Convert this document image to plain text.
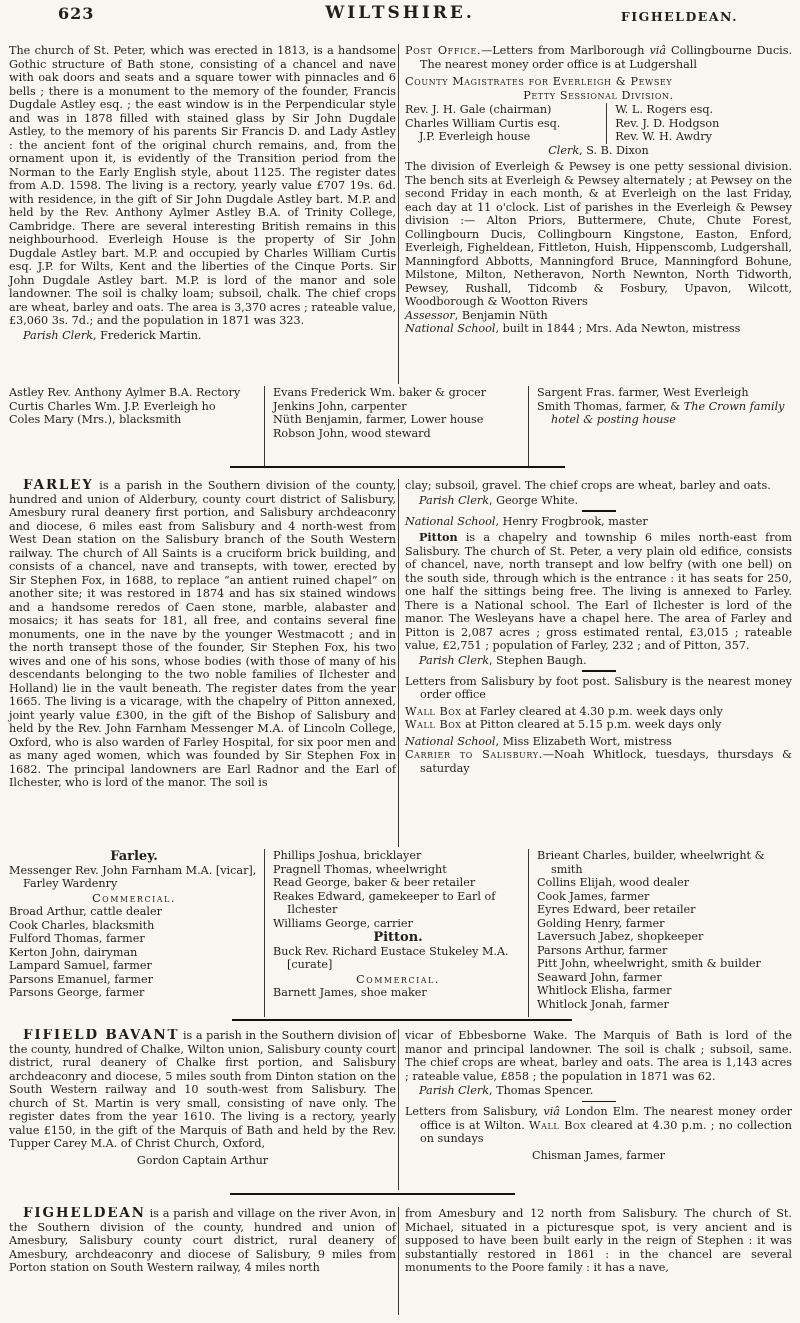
623	WILTSHIRE.	FIGHELDEAN.

The church of St. Peter, which was erected in 1813, is a handsome Gothic structure of Bath stone, consisting of a chancel and nave with oak doors and seats and a square tower with pinnacles and 6 bells ; there is a monument to the memory of the founder, Francis Dugdale Astley esq. ; the east window is in the Perpendicular style and was in 1878 filled with stained glass by Sir John Dugdale Astley, to the memory of his parents Sir Francis D. and Lady Astley : the ancient font of the original church remains, and, from the ornament upon it, is evidently of the Transition period from the Norman to the Early English style, about 1125. The register dates from A.D. 1598. The living is a rectory, yearly value £707 19s. 6d. with residence, in the gift of Sir John Dugdale Astley bart. M.P. and held by the Rev. Anthony Aylmer Astley B.A. of Trinity College, Cambridge. There are several interesting British remains in this neighbourhood. Everleigh House is the property of Sir John Dugdale Astley bart. M.P. and occupied by Charles William Curtis esq. J.P. for Wilts, Kent and the liberties of the Cinque Ports. Sir John Dugdale Astley bart. M.P. is lord of the manor and sole landowner. The soil is chalky loam; subsoil, chalk. The chief crops are wheat, barley and oats. The area is 3,370 acres ; rateable value, £3,060 3s. 7d.; and the population in 1871 was 323.

Parish Clerk, Frederick Martin.

Post Office.—Letters from Marlborough viâ Collingbourne Ducis. The nearest money order office is at Ludgershall

County Magistrates for Everleigh & Pewsey

Petty Sessional Division.

Rev. J. H. Gale (chairman)

Charles William Curtis esq.

J.P. Everleigh house

W. L. Rogers esq.

Rev. J. D. Hodgson

Rev. W. H. Awdry

Clerk, S. B. Dixon

The division of Everleigh & Pewsey is one petty sessional division. The bench sits at Everleigh & Pewsey alternately ; at Pewsey on the second Friday in each month, & at Everleigh on the last Friday, each day at 11 o'clock. List of parishes in the Everleigh & Pewsey division :— Alton Priors, Buttermere, Chute, Chute Forest, Collingbourn Ducis, Collingbourn Kingstone, Easton, Enford, Everleigh, Figheldean, Fittleton, Huish, Hippenscomb, Ludgershall, Manningford Abbotts, Manningford Bruce, Manningford Bohune, Milstone, Milton, Netheravon, North Newnton, North Tidworth, Pewsey, Rushall, Tidcomb & Fosbury, Upavon, Wilcott, Woodborough & Wootton Rivers

Assessor, Benjamin Nüth

National School, built in 1844 ; Mrs. Ada Newton, mistress

Astley Rev. Anthony Aylmer B.A. Rectory

Curtis Charles Wm. J.P. Everleigh ho

Coles Mary (Mrs.), blacksmith

Evans Frederick Wm. baker & grocer

Jenkins John, carpenter

Nüth Benjamin, farmer, Lower house

Robson John, wood steward

Sargent Fras. farmer, West Everleigh

Smith Thomas, farmer, & The Crown family hotel & posting house

FARLEY is a parish in the Southern division of the county, hundred and union of Alderbury, county court district of Salisbury, Amesbury rural deanery first portion, and Salisbury archdeaconry and diocese, 6 miles east from Salisbury and 4 north-west from West Dean station on the Salisbury branch of the South Western railway. The church of All Saints is a cruciform brick building, and consists of a chancel, nave and transepts, with tower, erected by Sir Stephen Fox, in 1688, to replace “an antient ruined chapel” on another site; it was restored in 1874 and has six stained windows and a handsome reredos of Caen stone, marble, alabaster and mosaics; it has seats for 181, all free, and contains several fine monuments, one in the nave by the younger Westmacott ; and in the north transept those of the founder, Sir Stephen Fox, his two wives and one of his sons, whose bodies (with those of many of his descendants belonging to the two noble families of Ilchester and Holland) lie in the vault beneath. The register dates from the year 1665. The living is a vicarage, with the chapelry of Pitton annexed, joint yearly value £300, in the gift of the Bishop of Salisbury and held by the Rev. John Farnham Messenger M.A. of Lincoln College, Oxford, who is also warden of Farley Hospital, for six poor men and as many aged women, which was founded by Sir Stephen Fox in 1682. The principal landowners are Earl Radnor and the Earl of Ilchester, who is lord of the manor. The soil is

clay; subsoil, gravel. The chief crops are wheat, barley and oats.

Parish Clerk, George White.

National School, Henry Frogbrook, master

Pitton is a chapelry and township 6 miles north-east from Salisbury. The church of St. Peter, a very plain old edifice, consists of chancel, nave, north transept and low belfry (with one bell) on the south side, through which is the entrance : it has seats for 250, one half the sittings being free. The living is annexed to Farley. There is a National school. The Earl of Ilchester is lord of the manor. The Wesleyans have a chapel here. The area of Farley and Pitton is 2,087 acres ; gross estimated rental, £3,015 ; rateable value, £2,751 ; population of Farley, 232 ; and of Pitton, 357.

Parish Clerk, Stephen Baugh.

Letters from Salisbury by foot post. Salisbury is the nearest money order office

Wall Box at Farley cleared at 4.30 p.m. week days only

Wall Box at Pitton cleared at 5.15 p.m. week days only

National School, Miss Elizabeth Wort, mistress

Carrier to Salisbury.—Noah Whitlock, tuesdays, thursdays & saturday

Farley.

Messenger Rev. John Farnham M.A. [vicar], Farley Wardenry

Commercial.

Broad Arthur, cattle dealer

Cook Charles, blacksmith

Fulford Thomas, farmer

Kerton John, dairyman

Lampard Samuel, farmer

Parsons Emanuel, farmer

Parsons George, farmer

Phillips Joshua, bricklayer

Pragnell Thomas, wheelwright

Read George, baker & beer retailer

Reakes Edward, gamekeeper to Earl of Ilchester

Williams George, carrier

Pitton.

Buck Rev. Richard Eustace Stukeley M.A. [curate]

Commercial.

Barnett James, shoe maker

Brieant Charles, builder, wheelwright & smith

Collins Elijah, wood dealer

Cook James, farmer

Eyres Edward, beer retailer

Golding Henry, farmer

Laversuch Jabez, shopkeeper

Parsons Arthur, farmer

Pitt John, wheelwright, smith & builder

Seaward John, farmer

Whitlock Elisha, farmer

Whitlock Jonah, farmer

FIFIELD BAVANT is a parish in the Southern division of the county, hundred of Chalke, Wilton union, Salisbury county court district, rural deanery of Chalke first portion, and Salisbury archdeaconry and diocese, 5 miles south from Dinton station on the South Western railway and 10 south-west from Salisbury. The church of St. Martin is very small, consisting of nave only. The register dates from the year 1610. The living is a rectory, yearly value £150, in the gift of the Marquis of Bath and held by the Rev. Tupper Carey M.A. of Christ Church, Oxford,

Gordon Captain Arthur

vicar of Ebbesborne Wake. The Marquis of Bath is lord of the manor and principal landowner. The soil is chalk ; subsoil, same. The chief crops are wheat, barley and oats. The area is 1,143 acres ; rateable value, £858 ; the population in 1871 was 62.

Parish Clerk, Thomas Spencer.

Letters from Salisbury, viâ London Elm. The nearest money order office is at Wilton. Wall Box cleared at 4.30 p.m. ; no collection on sundays

Chisman James, farmer

FIGHELDEAN is a parish and village on the river Avon, in the Southern division of the county, hundred and union of Amesbury, Salisbury county court district, rural deanery of Amesbury, archdeaconry and diocese of Salisbury, 9 miles from Porton station on South Western railway, 4 miles north

from Amesbury and 12 north from Salisbury. The church of St. Michael, situated in a picturesque spot, is very ancient and is supposed to have been built early in the reign of Stephen : it was substantially restored in 1861 : in the chancel are several monuments to the Poore family : it has a nave,
